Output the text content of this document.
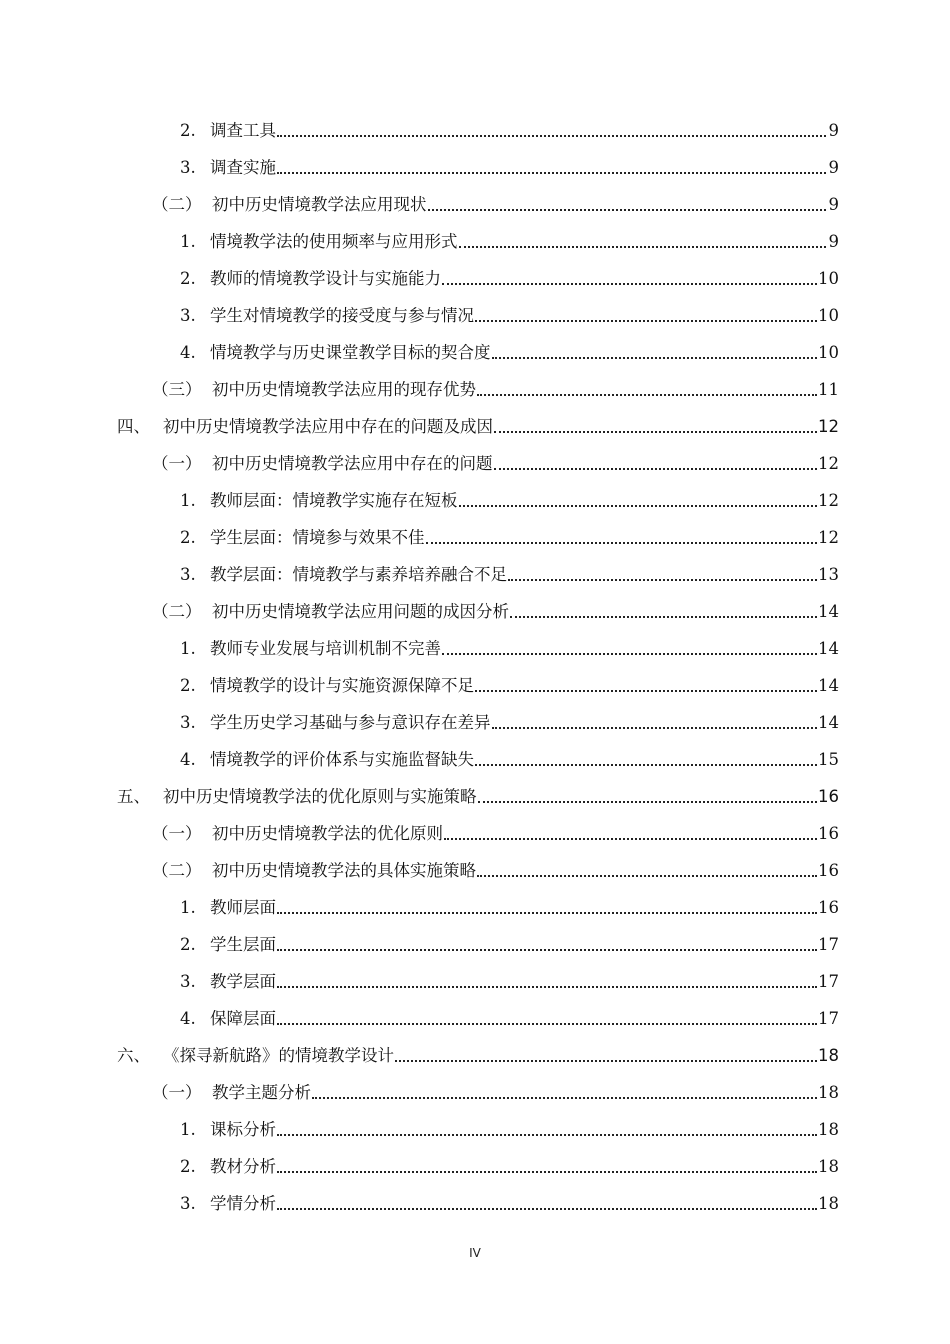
2. 调查工具	9
3. 调查实施	9
（二） 初中历史情境教学法应用现状	9
1. 情境教学法的使用频率与应用形式	9
2. 教师的情境教学设计与实施能力	10
3. 学生对情境教学的接受度与参与情况	10
4. 情境教学与历史课堂教学目标的契合度	10
（三） 初中历史情境教学法应用的现存优势	11
四、 初中历史情境教学法应用中存在的问题及成因	12
（一） 初中历史情境教学法应用中存在的问题	12
1. 教师层面：情境教学实施存在短板	12
2. 学生层面：情境参与效果不佳	12
3. 教学层面：情境教学与素养培养融合不足	13
（二） 初中历史情境教学法应用问题的成因分析	14
1. 教师专业发展与培训机制不完善	14
2. 情境教学的设计与实施资源保障不足	14
3. 学生历史学习基础与参与意识存在差异	14
4. 情境教学的评价体系与实施监督缺失	15
五、 初中历史情境教学法的优化原则与实施策略	16
（一） 初中历史情境教学法的优化原则	16
（二） 初中历史情境教学法的具体实施策略	16
1. 教师层面	16
2. 学生层面	17
3. 教学层面	17
4. 保障层面	17
六、 《探寻新航路》的情境教学设计	18
（一） 教学主题分析	18
1. 课标分析	18
2. 教材分析	18
3. 学情分析	18
IV
